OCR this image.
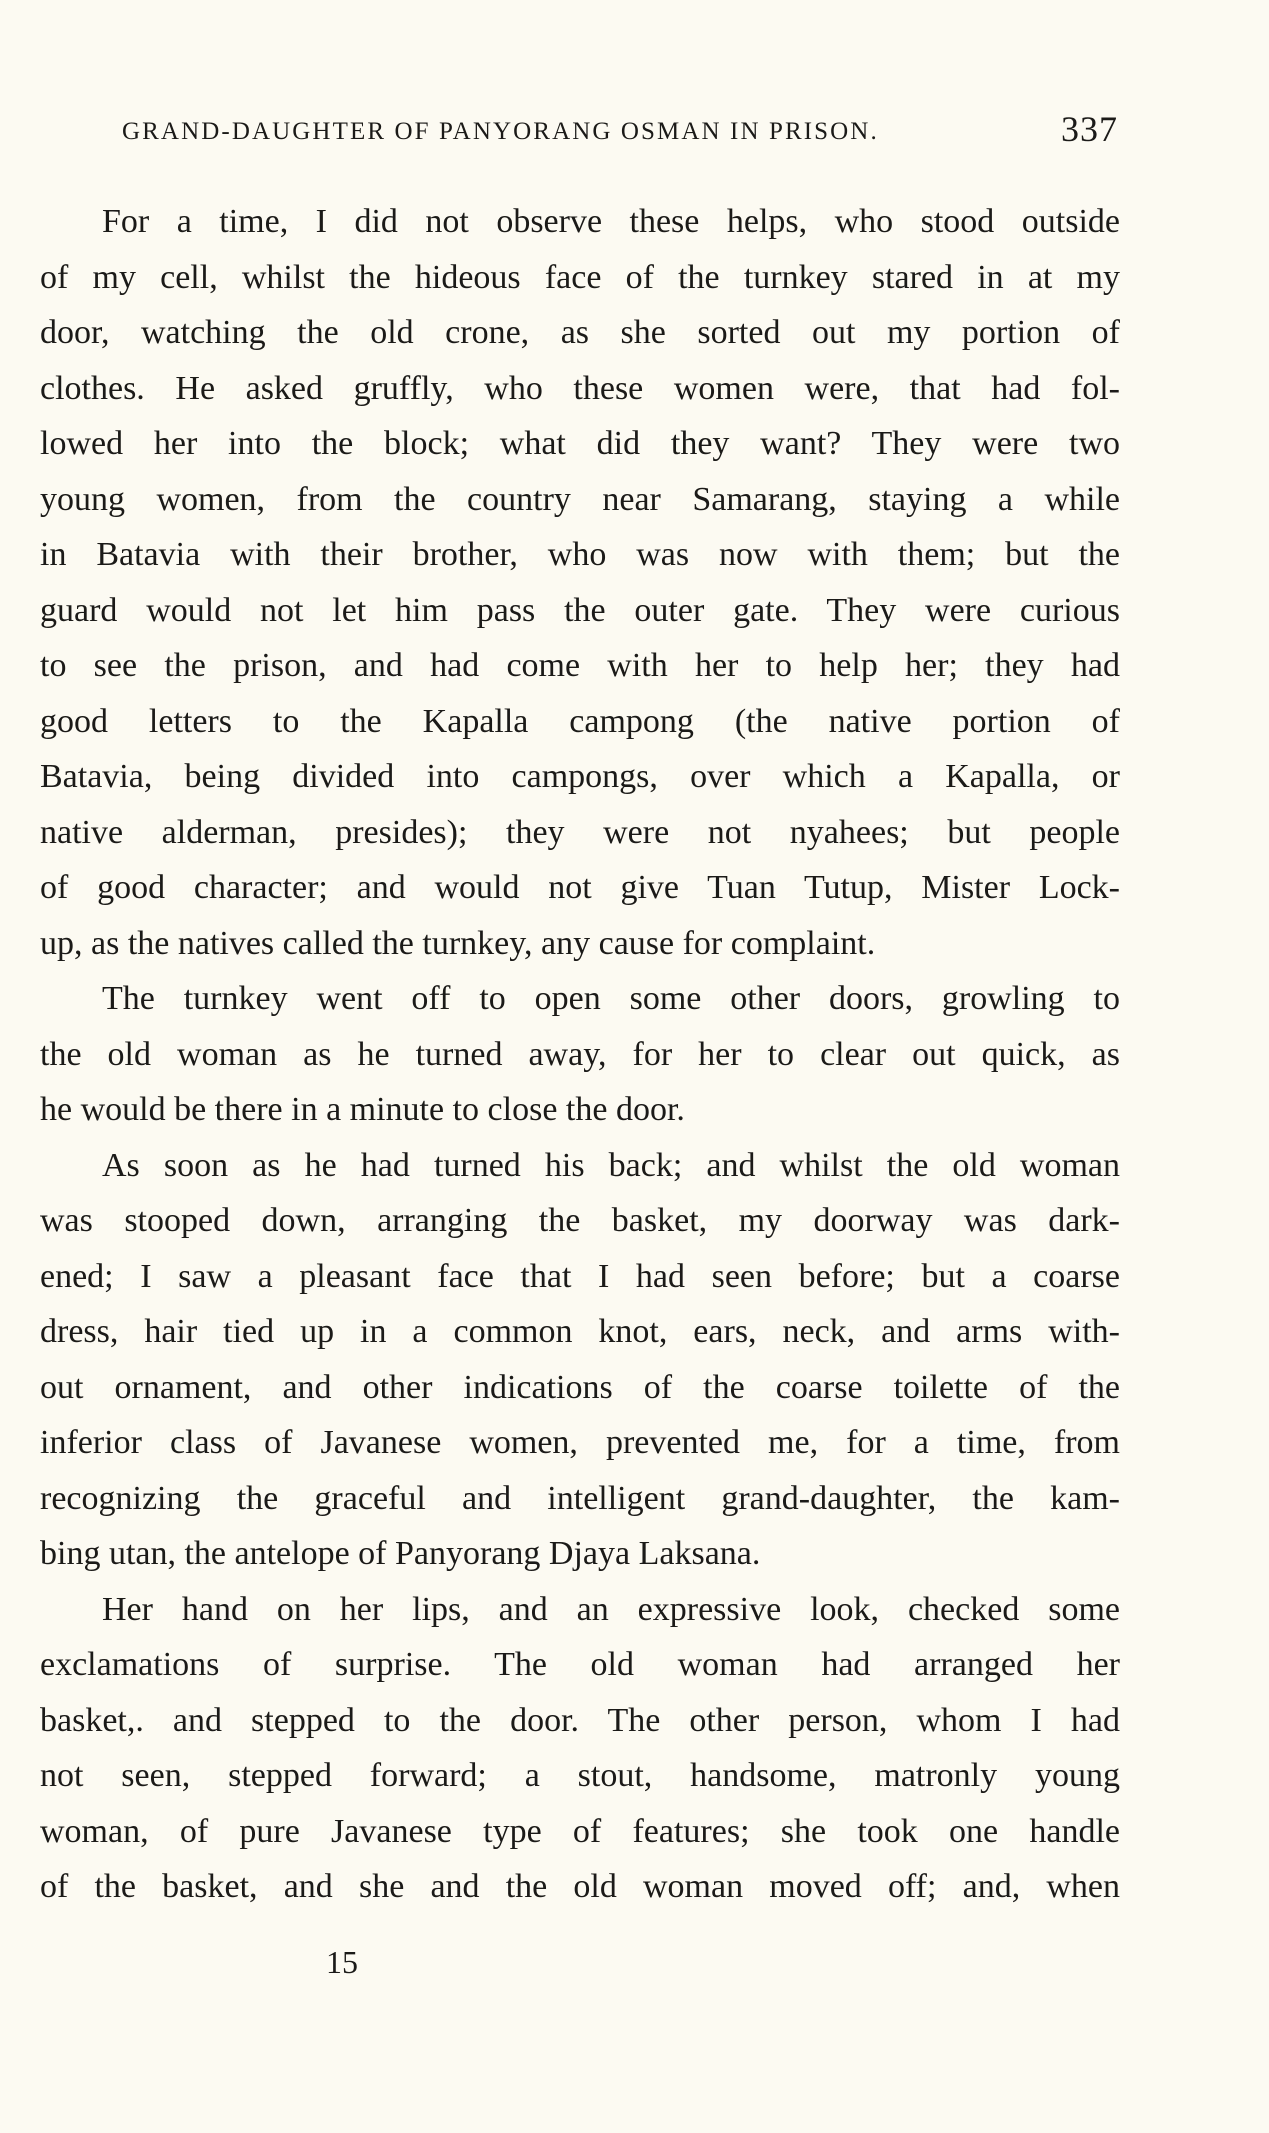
GRAND-DAUGHTER OF PANYORANG OSMAN IN PRISON.	337
For a time, I did not observe these helps, who stood outside
of my cell, whilst the hideous face of the turnkey stared in at my
door, watching the old crone, as she sorted out my portion of
clothes. He asked gruffly, who these women were, that had fol-
lowed her into the block; what did they want? They were two
young women, from the country near Samarang, staying a while
in Batavia with their brother, who was now with them; but the
guard would not let him pass the outer gate. They were curious
to see the prison, and had come with her to help her; they had
good letters to the Kapalla campong (the native portion of
Batavia, being divided into campongs, over which a Kapalla, or
native alderman, presides); they were not nyahees; but people
of good character; and would not give Tuan Tutup, Mister Lock-
up, as the natives called the turnkey, any cause for complaint.
The turnkey went off to open some other doors, growling to
the old woman as he turned away, for her to clear out quick, as
he would be there in a minute to close the door.
As soon as he had turned his back; and whilst the old woman
was stooped down, arranging the basket, my doorway was dark-
ened; I saw a pleasant face that I had seen before; but a coarse
dress, hair tied up in a common knot, ears, neck, and arms with-
out ornament, and other indications of the coarse toilette of the
inferior class of Javanese women, prevented me, for a time, from
recognizing the graceful and intelligent grand-daughter, the kam-
bing utan, the antelope of Panyorang Djaya Laksana.
Her hand on her lips, and an expressive look, checked some
exclamations of surprise. The old woman had arranged her
basket,. and stepped to the door. The other person, whom I had
not seen, stepped forward; a stout, handsome, matronly young
woman, of pure Javanese type of features; she took one handle
of the basket, and she and the old woman moved off; and, when
15
